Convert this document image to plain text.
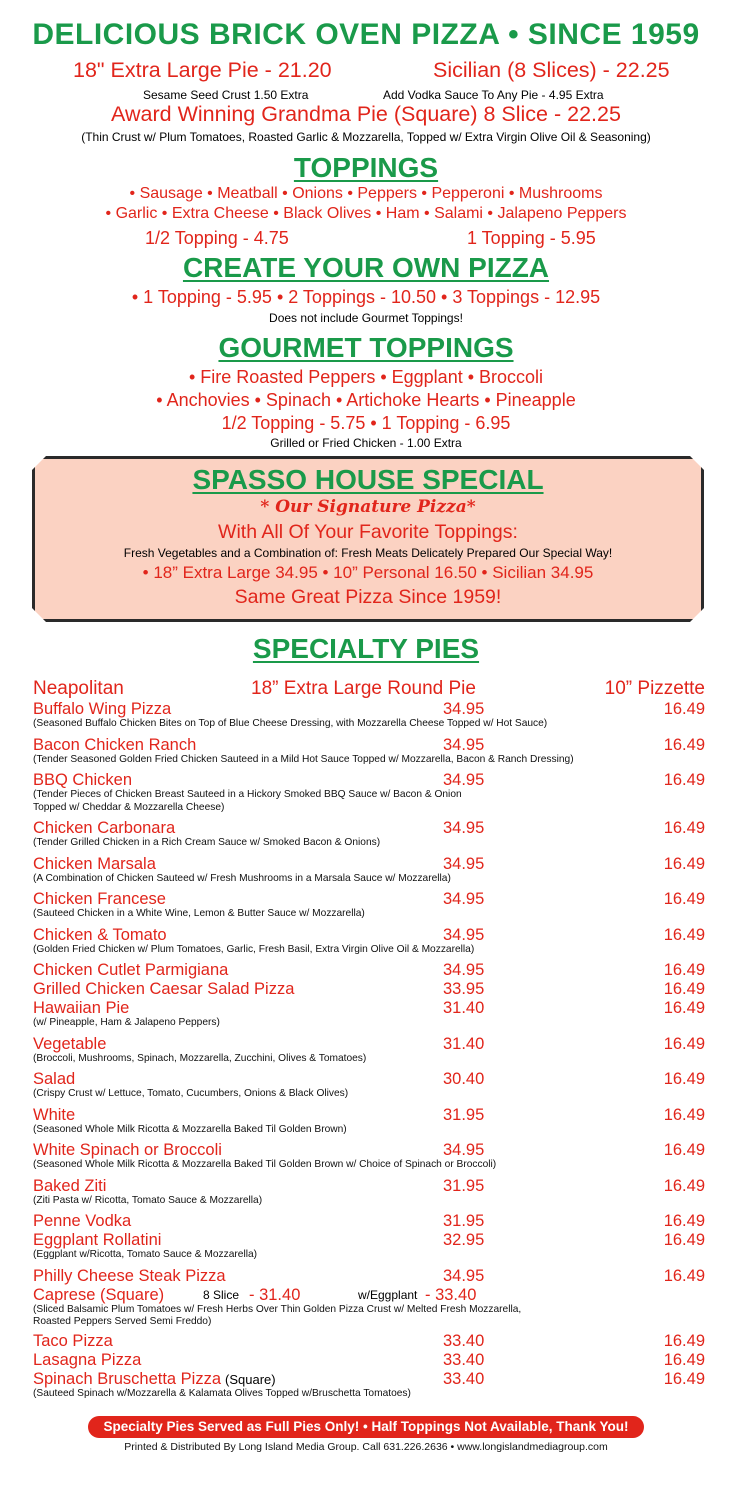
DELICIOUS BRICK OVEN PIZZA • SINCE 1959
18" Extra Large Pie - 21.20	Sicilian (8 Slices) - 22.25
Sesame Seed Crust 1.50 Extra	Add Vodka Sauce To Any Pie - 4.95 Extra
Award Winning Grandma Pie (Square) 8 Slice - 22.25
(Thin Crust w/ Plum Tomatoes, Roasted Garlic & Mozzarella, Topped w/ Extra Virgin Olive Oil & Seasoning)
TOPPINGS
• Sausage • Meatball • Onions • Peppers • Pepperoni • Mushrooms
• Garlic • Extra Cheese • Black Olives • Ham • Salami • Jalapeno Peppers
1/2 Topping - 4.75	1 Topping - 5.95
CREATE YOUR OWN PIZZA
• 1 Topping - 5.95 • 2 Toppings - 10.50 • 3 Toppings - 12.95
Does not include Gourmet Toppings!
GOURMET TOPPINGS
• Fire Roasted Peppers • Eggplant • Broccoli
• Anchovies • Spinach • Artichoke Hearts • Pineapple
1/2 Topping - 5.75 • 1 Topping - 6.95
Grilled or Fried Chicken - 1.00 Extra
SPASSO HOUSE SPECIAL
* Our Signature Pizza*
With All Of Your Favorite Toppings:
Fresh Vegetables and a Combination of: Fresh Meats Delicately Prepared Our Special Way!
• 18” Extra Large 34.95 • 10” Personal 16.50 • Sicilian 34.95
Same Great Pizza Since 1959!
SPECIALTY PIES
Neapolitan	18” Extra Large Round Pie	10” Pizzette
Buffalo Wing Pizza	34.95	16.49
(Seasoned Buffalo Chicken Bites on Top of Blue Cheese Dressing, with Mozzarella Cheese Topped w/ Hot Sauce)
Bacon Chicken Ranch	34.95	16.49
(Tender Seasoned Golden Fried Chicken Sauteed in a Mild Hot Sauce Topped w/ Mozzarella, Bacon & Ranch Dressing)
BBQ Chicken	34.95	16.49
(Tender Pieces of Chicken Breast Sauteed in a Hickory Smoked BBQ Sauce w/ Bacon & Onion
Topped w/ Cheddar & Mozzarella Cheese)
Chicken Carbonara	34.95	16.49
(Tender Grilled Chicken in a Rich Cream Sauce w/ Smoked Bacon & Onions)
Chicken Marsala	34.95	16.49
(A Combination of Chicken Sauteed w/ Fresh Mushrooms in a Marsala Sauce w/ Mozzarella)
Chicken Francese	34.95	16.49
(Sauteed Chicken in a White Wine, Lemon & Butter Sauce w/ Mozzarella)
Chicken & Tomato	34.95	16.49
(Golden Fried Chicken w/ Plum Tomatoes, Garlic, Fresh Basil, Extra Virgin Olive Oil & Mozzarella)
Chicken Cutlet Parmigiana	34.95	16.49
Grilled Chicken Caesar Salad Pizza	33.95	16.49
Hawaiian Pie	31.40	16.49
(w/ Pineapple, Ham & Jalapeno Peppers)
Vegetable	31.40	16.49
(Broccoli, Mushrooms, Spinach, Mozzarella, Zucchini, Olives & Tomatoes)
Salad	30.40	16.49
(Crispy Crust w/ Lettuce, Tomato, Cucumbers, Onions & Black Olives)
White	31.95	16.49
(Seasoned Whole Milk Ricotta & Mozzarella Baked Til Golden Brown)
White Spinach or Broccoli	34.95	16.49
(Seasoned Whole Milk Ricotta & Mozzarella Baked Til Golden Brown w/ Choice of Spinach or Broccoli)
Baked Ziti	31.95	16.49
(Ziti Pasta w/ Ricotta, Tomato Sauce & Mozzarella)
Penne Vodka	31.95	16.49
Eggplant Rollatini	32.95	16.49
(Eggplant w/Ricotta, Tomato Sauce & Mozzarella)
Philly Cheese Steak Pizza	34.95	16.49
Caprese (Square)	8 Slice - 31.40	w/Eggplant - 33.40
(Sliced Balsamic Plum Tomatoes w/ Fresh Herbs Over Thin Golden Pizza Crust w/ Melted Fresh Mozzarella,
Roasted Peppers Served Semi Freddo)
Taco Pizza	33.40	16.49
Lasagna Pizza	33.40	16.49
Spinach Bruschetta Pizza (Square)	33.40	16.49
(Sauteed Spinach w/Mozzarella & Kalamata Olives Topped w/Bruschetta Tomatoes)
Specialty Pies Served as Full Pies Only! • Half Toppings Not Available, Thank You!
Printed & Distributed By Long Island Media Group. Call 631.226.2636 • www.longislandmediagroup.com
